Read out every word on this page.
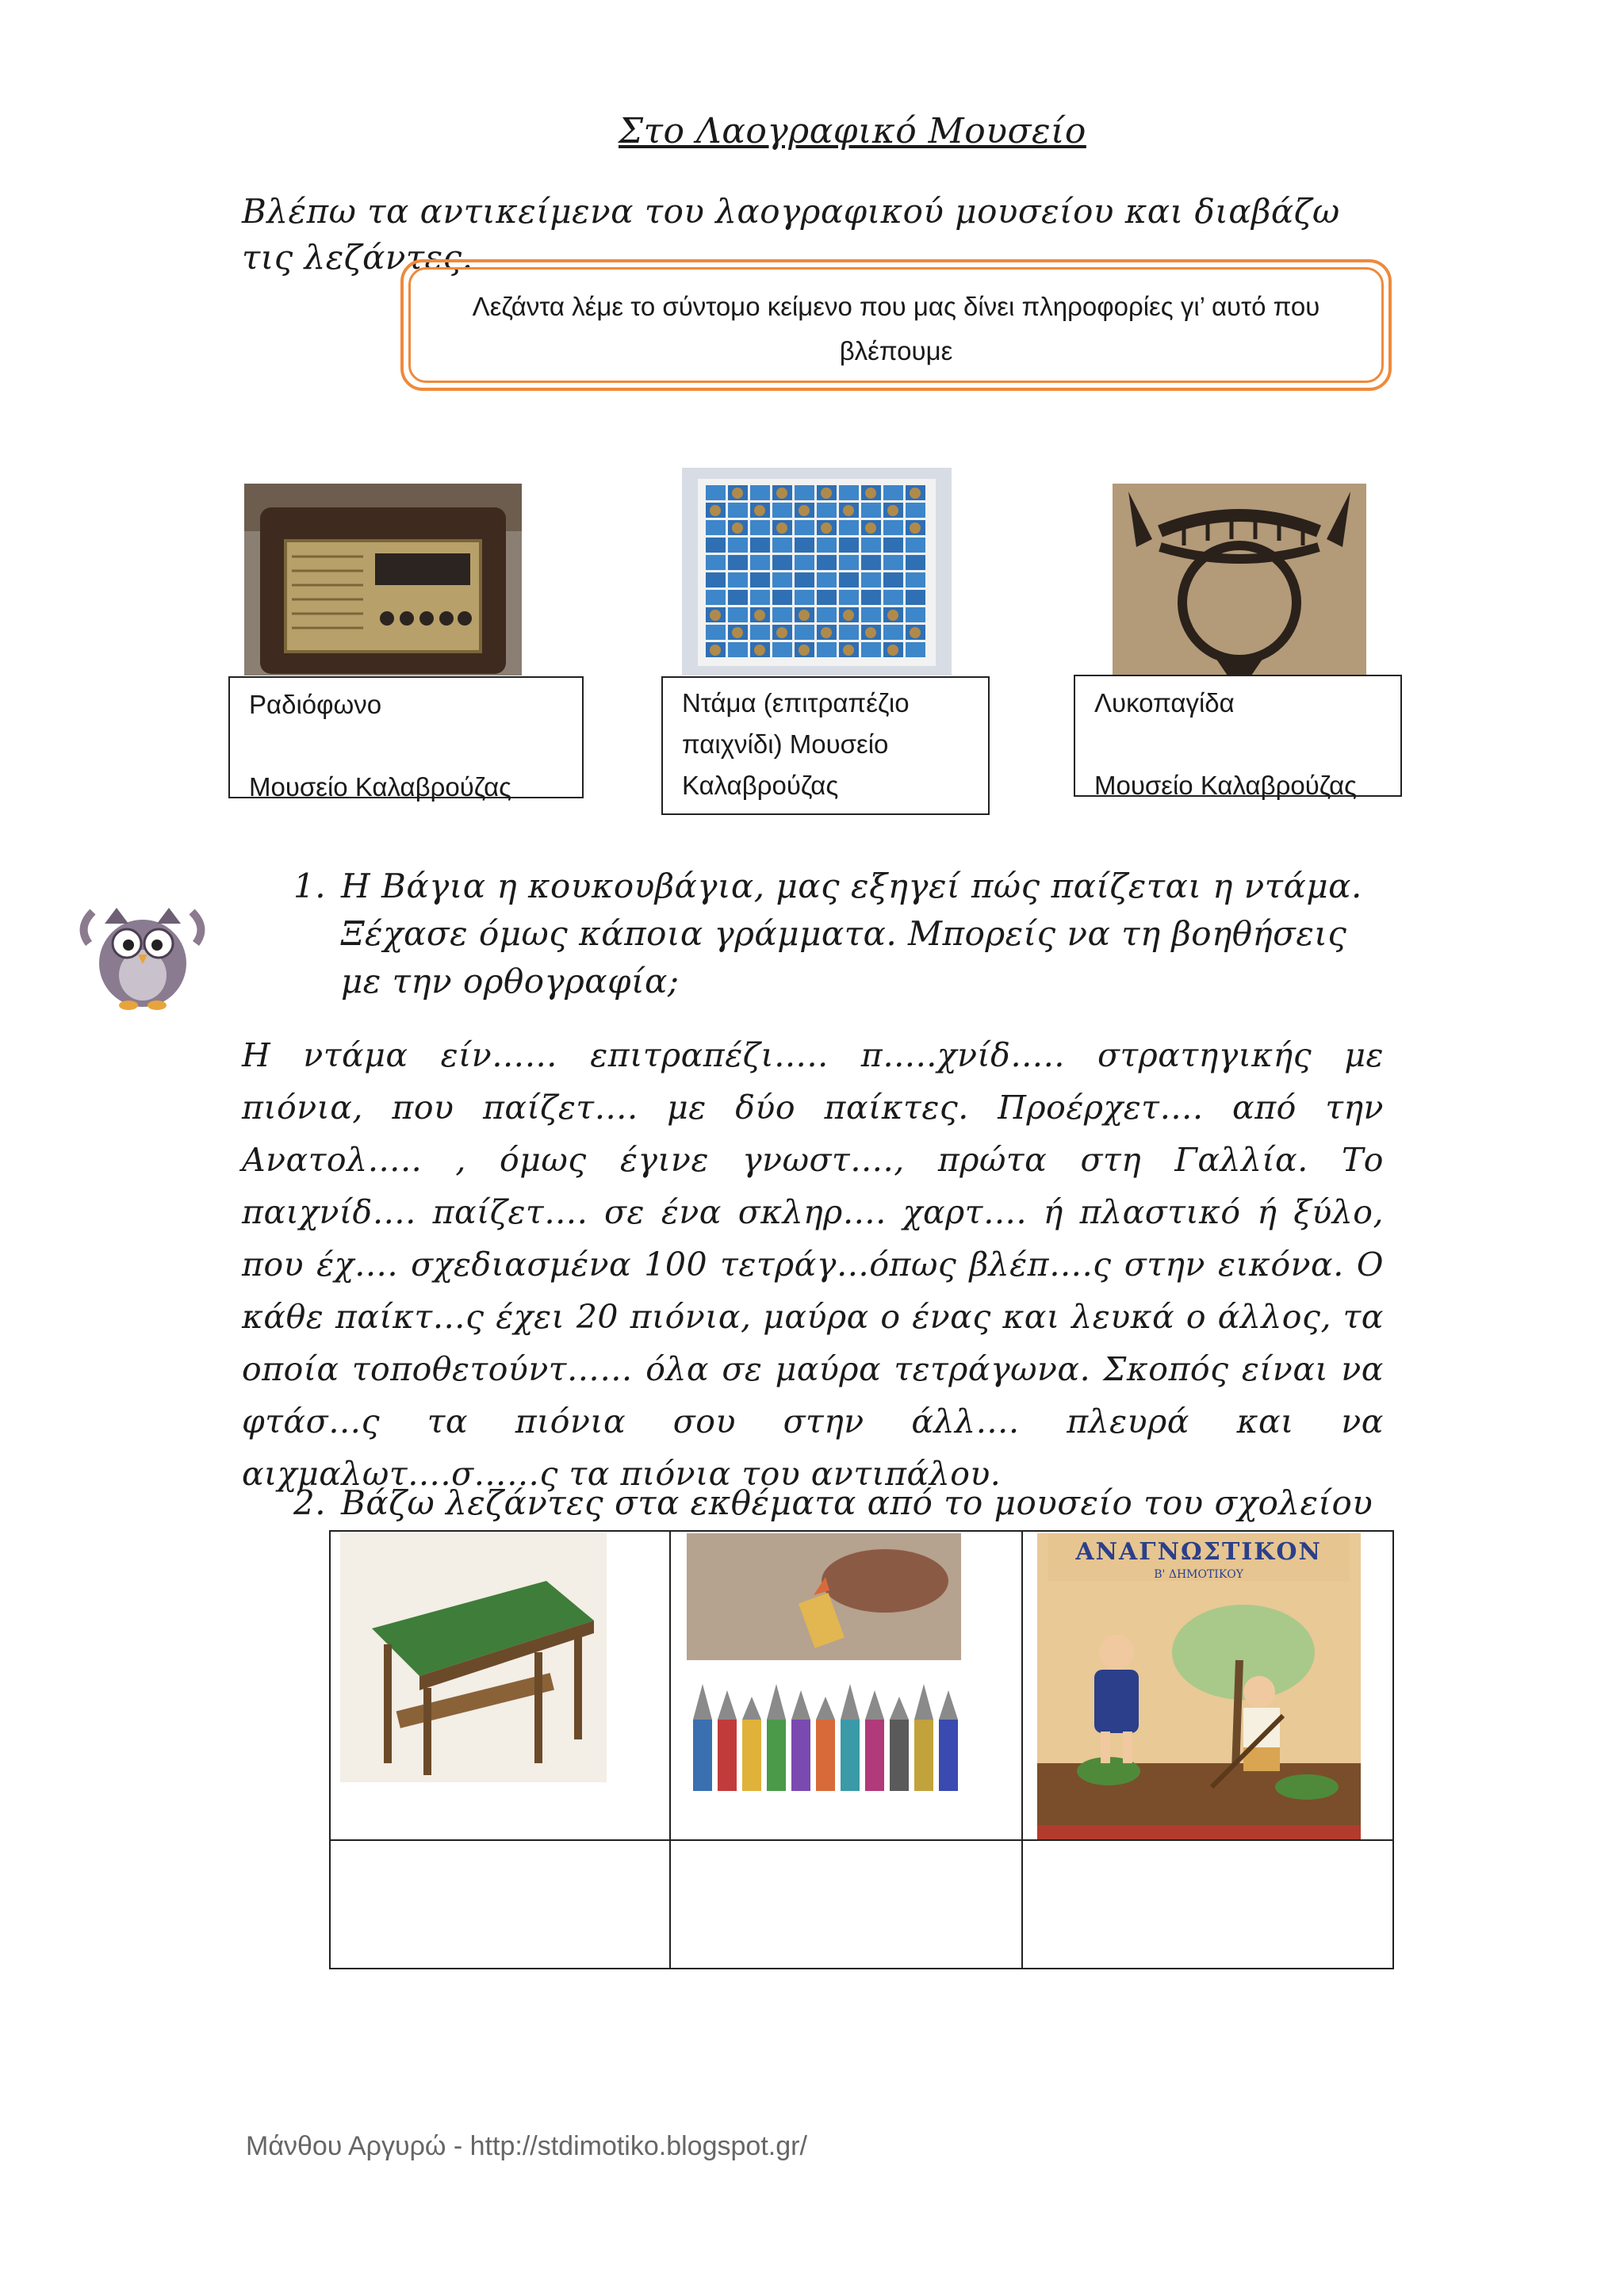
Στο Λαογραφικό Μουσείο
Βλέπω τα αντικείμενα του λαογραφικού μουσείου και διαβάζω τις λεζάντες.
Λεζάντα λέμε το σύντομο κείμενο που μας δίνει πληροφορίες γι’ αυτό που βλέπουμε
Ραδιόφωνο

Μουσείο Καλαβρούζας
Ντάμα (επιτραπέζιο παιχνίδι) Μουσείο Καλαβρούζας
Λυκοπαγίδα

Μουσείο Καλαβρούζας
1. Η Βάγια η κουκουβάγια, μας εξηγεί πώς παίζεται η ντάμα. Ξέχασε όμως κάποια γράμματα. Μπορείς να τη βοηθήσεις με την ορθογραφία;
Η ντάμα είν…… επιτραπέζι….. π…..χνίδ….. στρατηγικής με πιόνια, που παίζετ…. με δύο παίκτες. Προέρχετ…. από την Ανατολ….. , όμως έγινε γνωστ…., πρώτα στη Γαλλία. Το παιχνίδ…. παίζετ…. σε ένα σκληρ…. χαρτ…. ή πλαστικό ή ξύλο, που έχ…. σχεδιασμένα 100 τετράγ…όπως βλέπ….ς στην εικόνα. Ο κάθε παίκτ…ς έχει 20 πιόνια, μαύρα ο ένας και λευκά ο άλλος, τα οποία τοποθετούντ…… όλα σε μαύρα τετράγωνα. Σκοπός είναι να φτάσ…ς τα πιόνια σου στην άλλ…. πλευρά και να αιχμαλωτ….σ……ς τα πιόνια του αντιπάλου.
2. Βάζω λεζάντες στα εκθέματα από το μουσείο του σχολείου

ΑΝΑΓΝΩΣΤΙΚΟΝ
Β' ΔΗΜΟΤΙΚΟΥ

Μάνθου Αργυρώ - http://stdimotiko.blogspot.gr/
